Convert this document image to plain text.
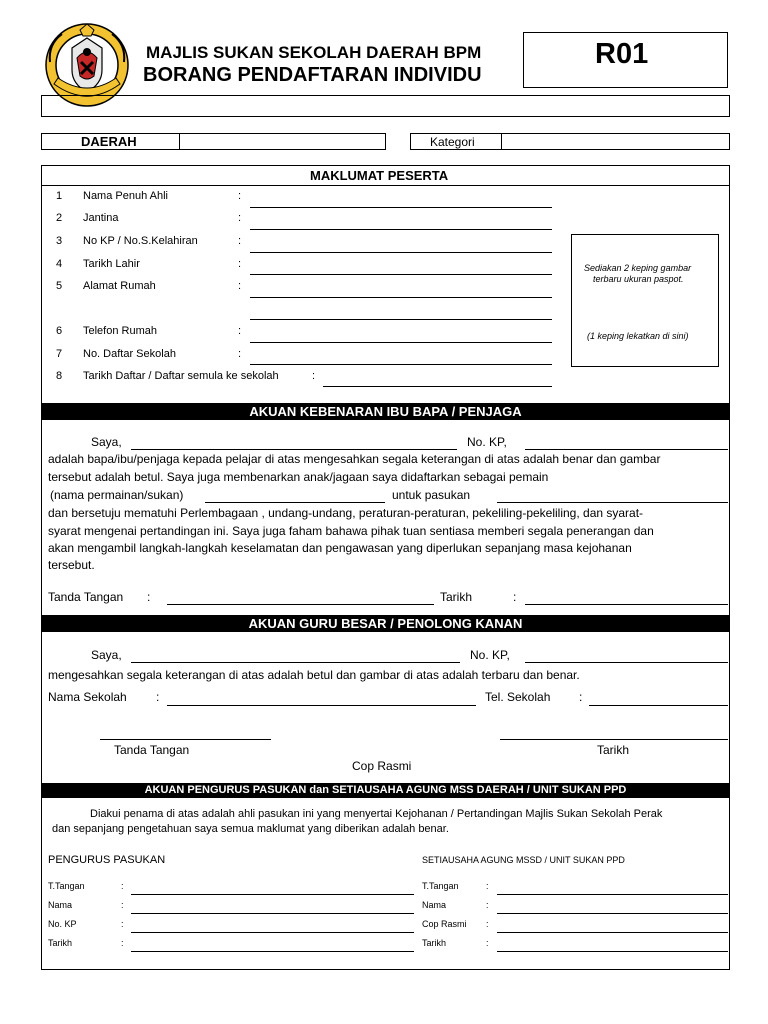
MAJLIS SUKAN SEKOLAH DAERAH BPM
BORANG PENDAFTARAN INDIVIDU
R01
DAERAH	Kategori
MAKLUMAT PESERTA
1 Nama Penuh Ahli	:
2 Jantina	:
3 No KP / No.S.Kelahiran	:
4 Tarikh Lahir	:
5 Alamat Rumah	:
6 Telefon Rumah	:
7 No. Daftar Sekolah	:
8 Tarikh Daftar / Daftar semula ke sekolah	:
Sediakan 2 keping gambar
terbaru ukuran paspot.
(1 keping lekatkan di sini)
AKUAN KEBENARAN IBU BAPA / PENJAGA
Saya,	No. KP,
adalah bapa/ibu/penjaga kepada pelajar di atas mengesahkan segala keterangan di atas adalah benar dan gambar
tersebut adalah betul. Saya juga membenarkan anak/jagaan saya didaftarkan sebagai pemain
(nama permainan/sukan)	untuk pasukan
dan bersetuju mematuhi Perlembagaan , undang-undang, peraturan-peraturan, pekeliling-pekeliling, dan syarat-
syarat mengenai pertandingan ini. Saya juga faham bahawa pihak tuan sentiasa memberi segala penerangan dan
akan mengambil langkah-langkah keselamatan dan pengawasan yang diperlukan sepanjang masa kejohanan
tersebut.
Tanda Tangan :	Tarikh	:
AKUAN GURU BESAR / PENOLONG KANAN
Saya,	No. KP,
mengesahkan segala keterangan di atas adalah betul dan gambar di atas adalah terbaru dan benar.
Nama Sekolah :	Tel. Sekolah :
Tanda Tangan	Tarikh
Cop Rasmi
AKUAN PENGURUS PASUKAN dan SETIAUSAHA AGUNG MSS DAERAH / UNIT SUKAN PPD
Diakui penama di atas adalah ahli pasukan ini yang menyertai Kejohanan / Pertandingan Majlis Sukan Sekolah Perak
dan sepanjang pengetahuan saya semua maklumat yang diberikan adalah benar.
PENGURUS PASUKAN	SETIAUSAHA AGUNG MSSD / UNIT SUKAN PPD
T.Tangan	:
Nama	:
No. KP	:
Tarikh	:
T.Tangan	:
Nama	:
Cop Rasmi :
Tarikh	:
